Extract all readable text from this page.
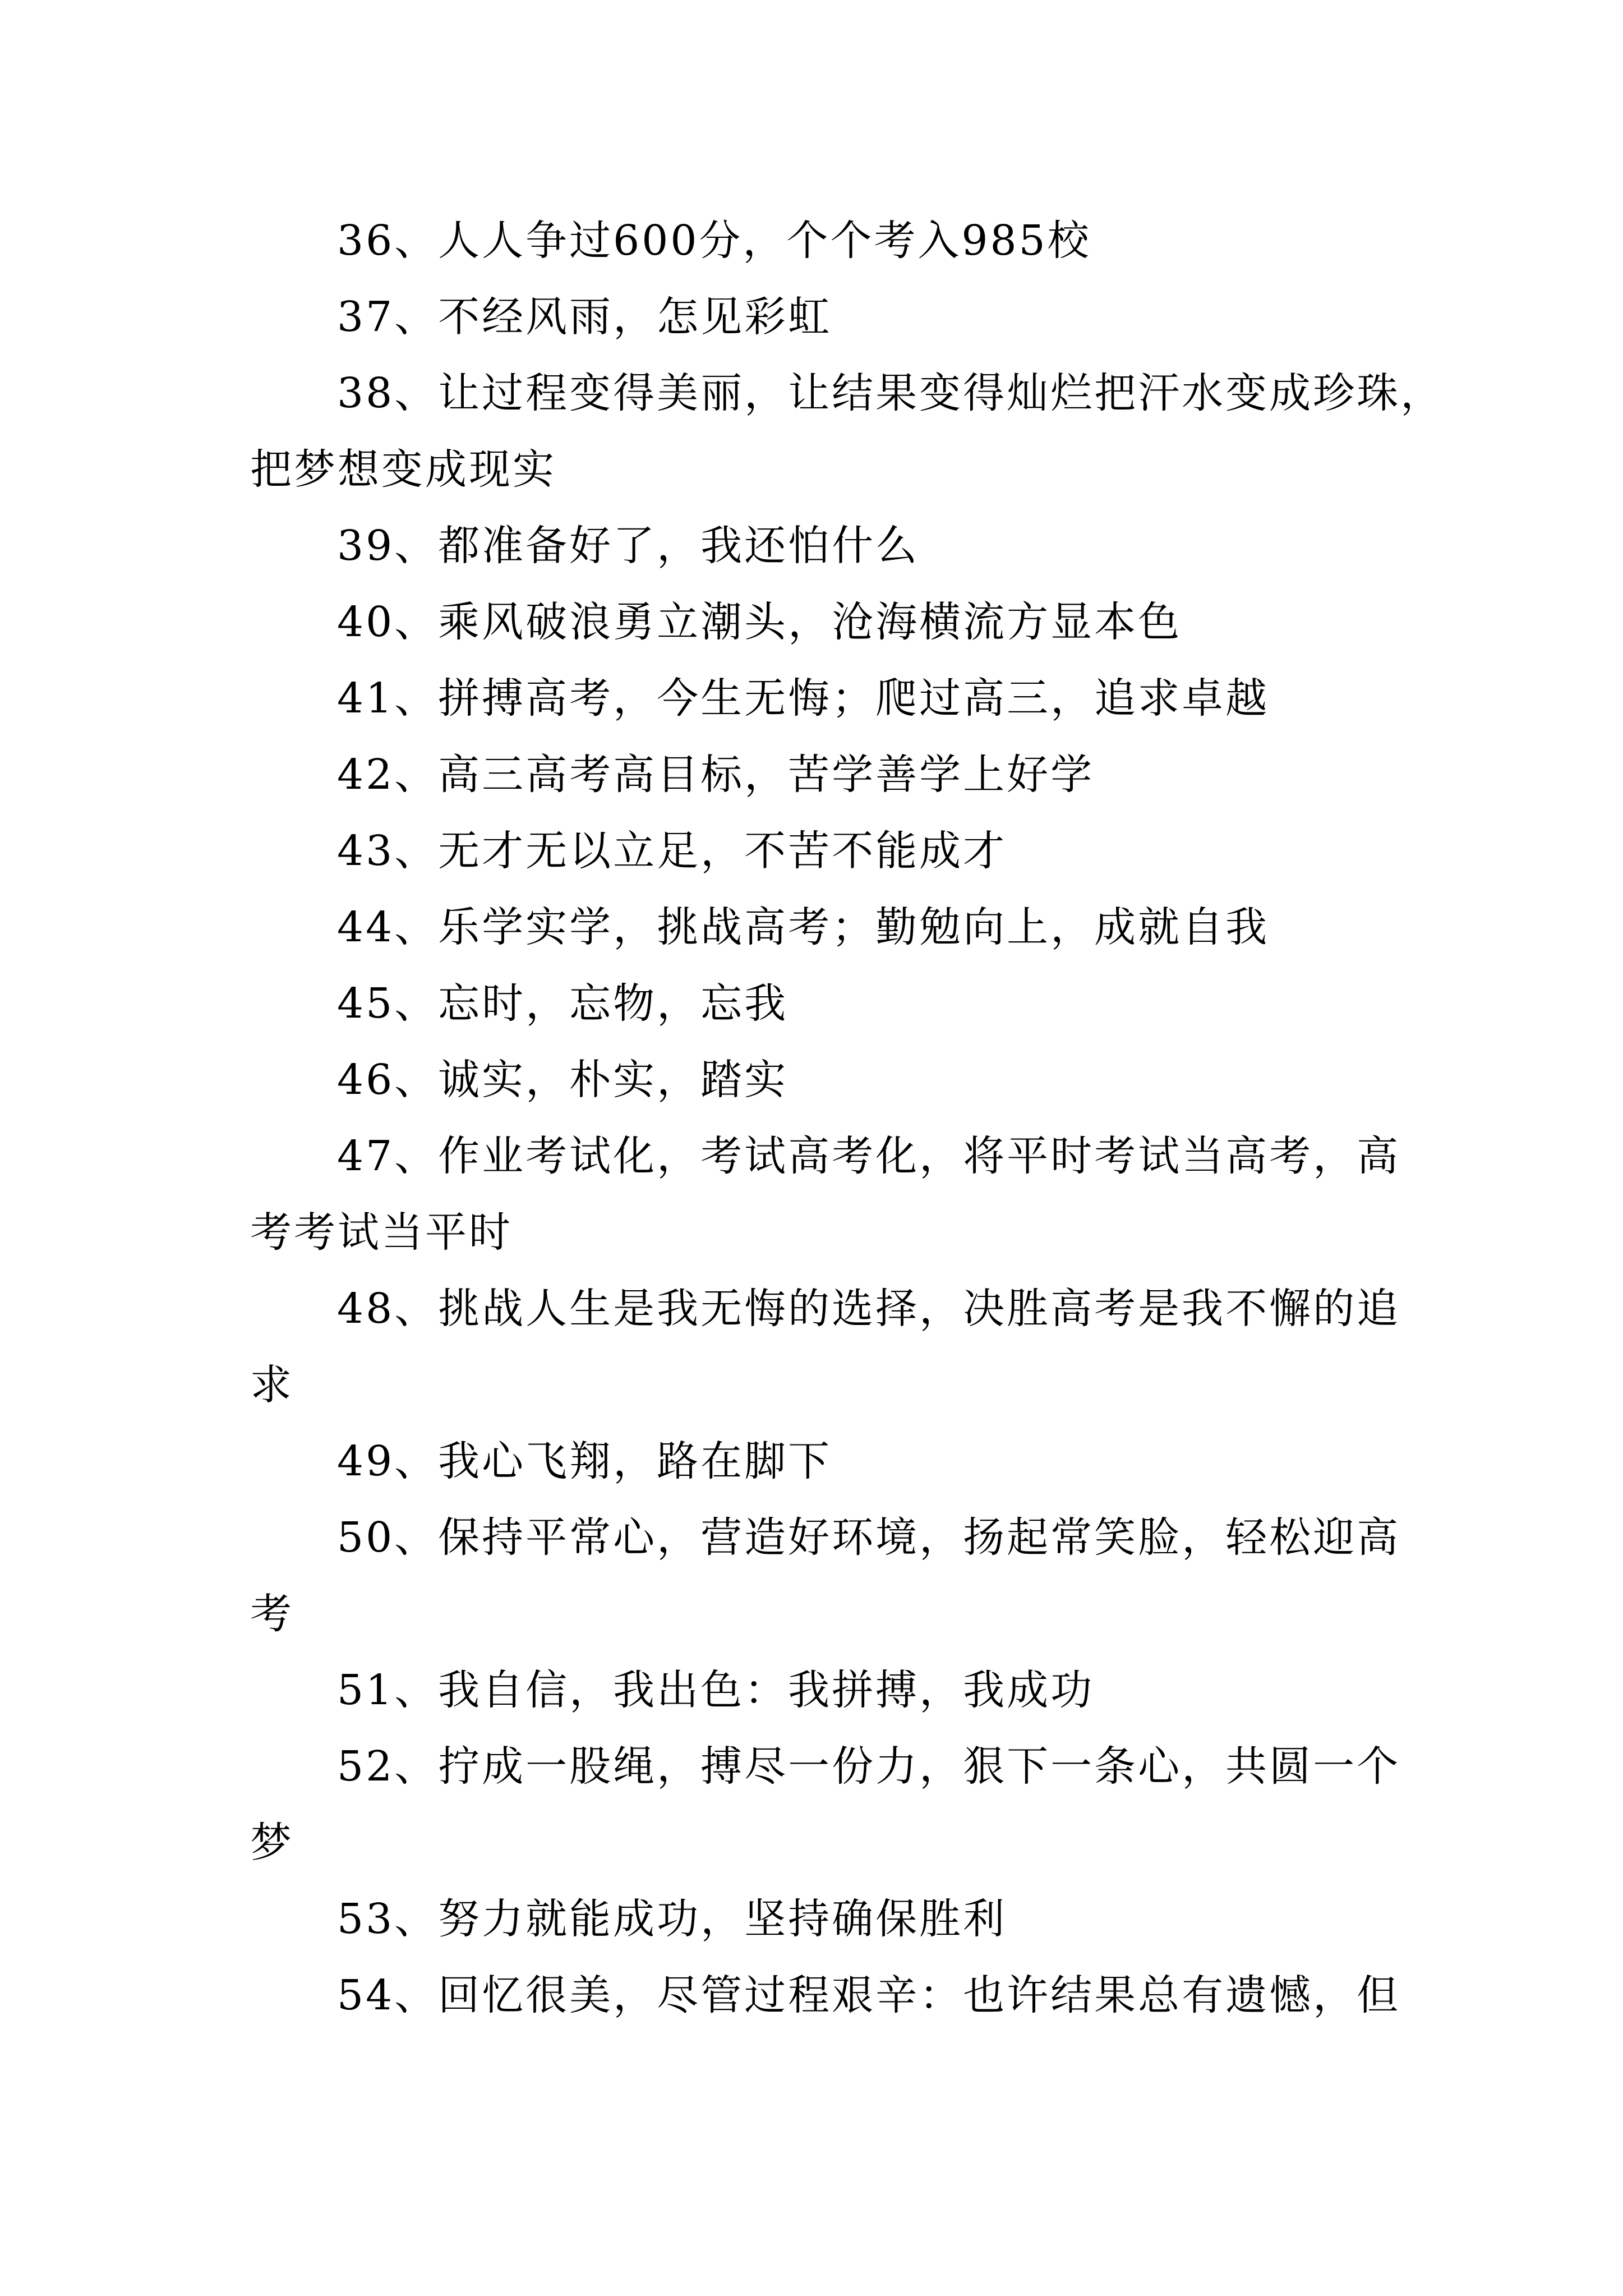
36、人人争过600分，个个考入985校

37、不经风雨，怎见彩虹

38、让过程变得美丽，让结果变得灿烂把汗水变成珍珠，

把梦想变成现实

39、都准备好了，我还怕什么

40、乘风破浪勇立潮头，沧海横流方显本色

41、拼搏高考，今生无悔；爬过高三，追求卓越

42、高三高考高目标，苦学善学上好学

43、无才无以立足，不苦不能成才

44、乐学实学，挑战高考；勤勉向上，成就自我

45、忘时，忘物，忘我

46、诚实，朴实，踏实

47、作业考试化，考试高考化，将平时考试当高考，高

考考试当平时

48、挑战人生是我无悔的选择，决胜高考是我不懈的追

求

49、我心飞翔，路在脚下

50、保持平常心，营造好环境，扬起常笑脸，轻松迎高

考

51、我自信，我出色：我拼搏，我成功

52、拧成一股绳，搏尽一份力，狠下一条心，共圆一个

梦

53、努力就能成功，坚持确保胜利

54、回忆很美，尽管过程艰辛：也许结果总有遗憾，但
